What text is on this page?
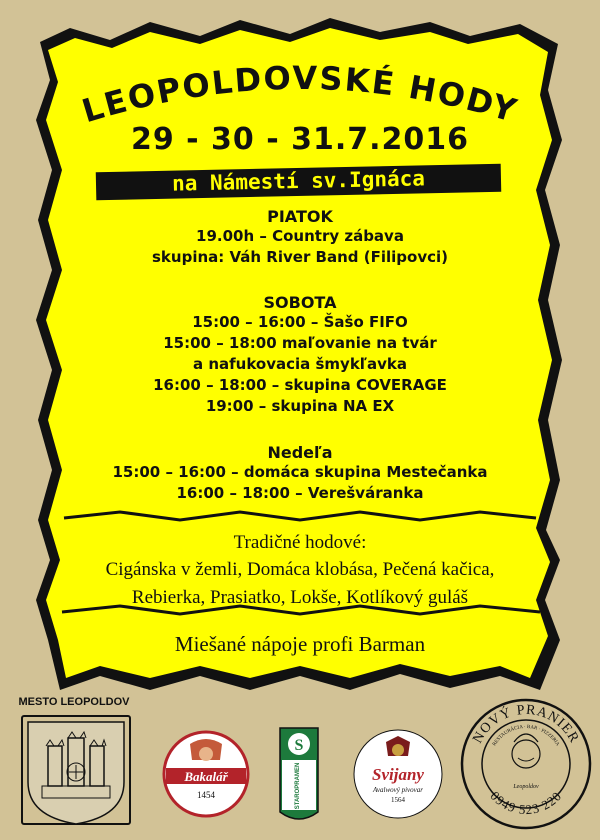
LEOPOLDOVSKÉ HODY
29 - 30 - 31.7.2016
na Námestí sv.Ignáca
PIATOK
19.00h – Country zábava
skupina: Váh River Band (Filipovci)
SOBOTA
15:00 – 16:00 – Šašo FIFO
15:00 – 18:00 maľovanie na tvár
a nafukovacia šmykľavka
16:00 – 18:00 – skupina COVERAGE
19:00 – skupina NA EX
Nedeľa
15:00 – 16:00 – domáca skupina Mestečanka
16:00 – 18:00 – Verešváranka
Tradičné hodové:
Cigánska v žemli, Domáca klobása, Pečená kačica,
Rebierka, Prasiatko, Lokše, Kotlíkový guláš
Miešané nápoje profi Barman
MESTO LEOPOLDOV
Bakalář
1454
S
STAROPRAMEN	Svijany
Avalwový pivovar
1564
NOVÝ PRANIER
RESTAURÁCIA · BAR · PIZZERIA
0949 523 220
Leopoldov
